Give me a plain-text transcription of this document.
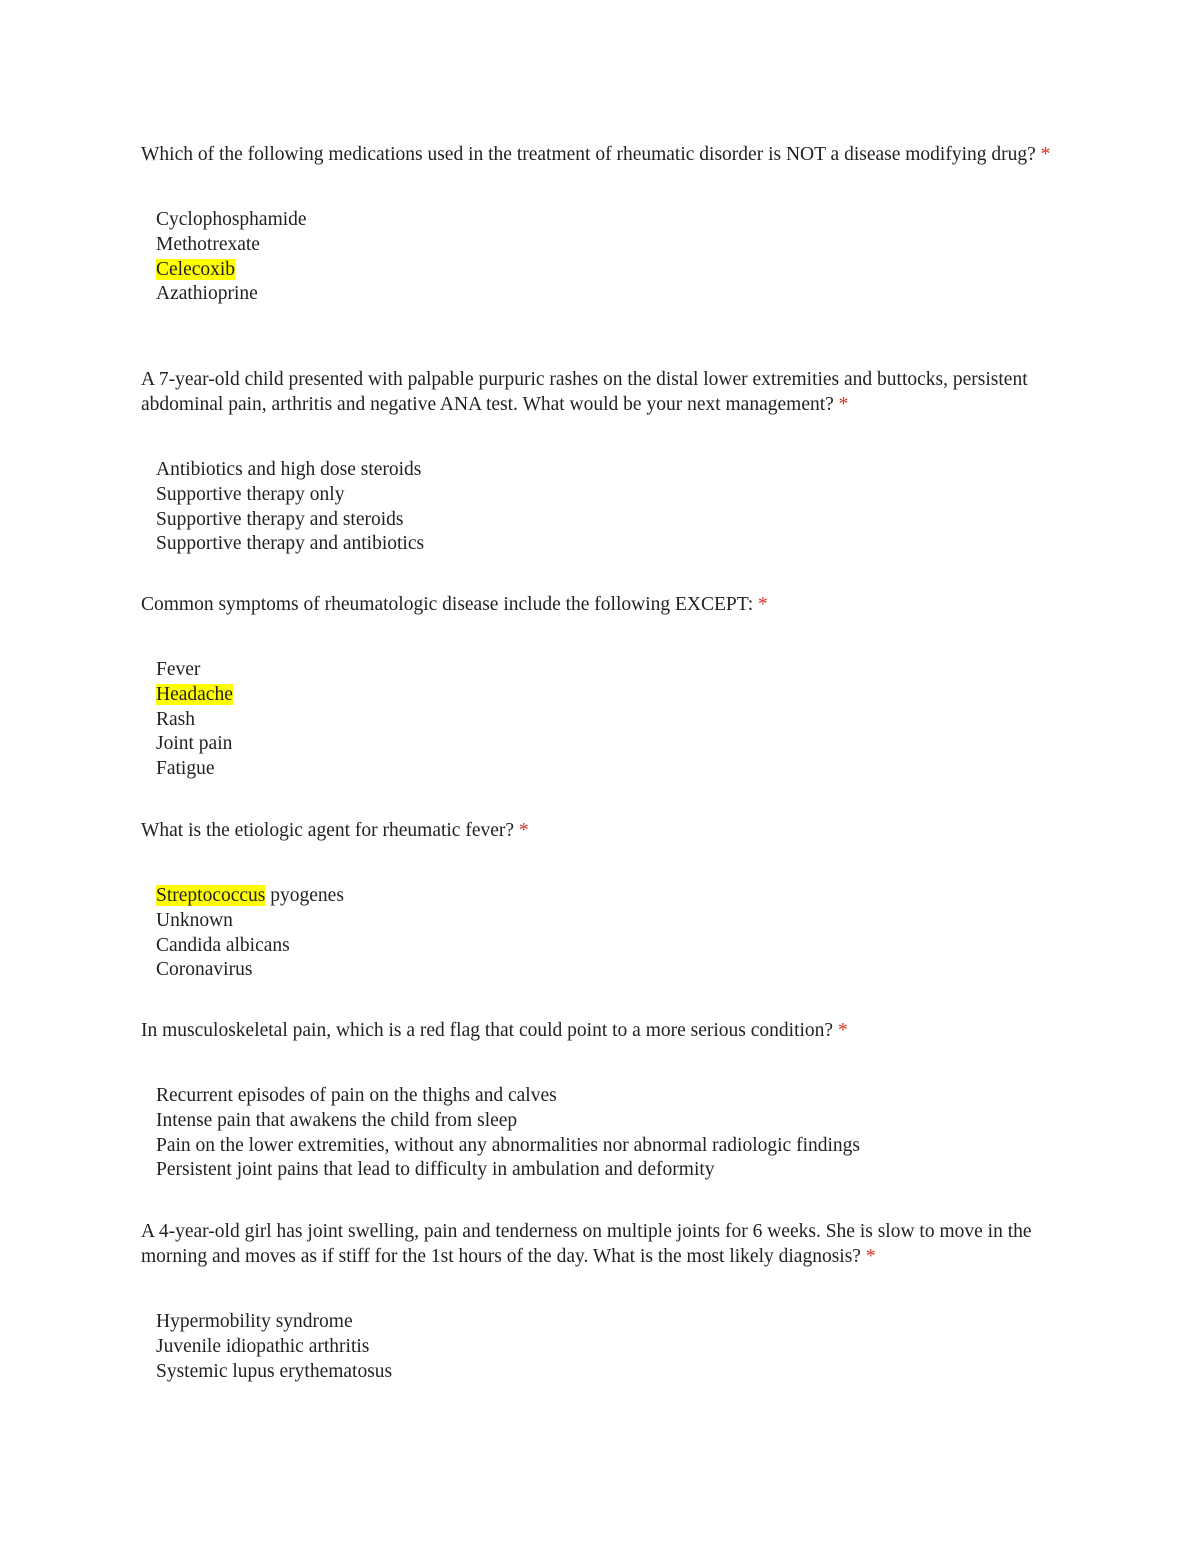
Which of the following medications used in the treatment of rheumatic disorder is NOT a disease modifying drug? *

Cyclophosphamide
Methotrexate
Celecoxib
Azathioprine

A 7-year-old child presented with palpable purpuric rashes on the distal lower extremities and buttocks, persistent abdominal pain, arthritis and negative ANA test. What would be your next management? *

Antibiotics and high dose steroids
Supportive therapy only
Supportive therapy and steroids
Supportive therapy and antibiotics

Common symptoms of rheumatologic disease include the following EXCEPT: *

Fever
Headache
Rash
Joint pain
Fatigue

What is the etiologic agent for rheumatic fever? *

Streptococcus pyogenes
Unknown
Candida albicans
Coronavirus

In musculoskeletal pain, which is a red flag that could point to a more serious condition? *

Recurrent episodes of pain on the thighs and calves
Intense pain that awakens the child from sleep
Pain on the lower extremities, without any abnormalities nor abnormal radiologic findings
Persistent joint pains that lead to difficulty in ambulation and deformity

A 4-year-old girl has joint swelling, pain and tenderness on multiple joints for 6 weeks. She is slow to move in the morning and moves as if stiff for the 1st hours of the day. What is the most likely diagnosis? *

Hypermobility syndrome
Juvenile idiopathic arthritis
Systemic lupus erythematosus
